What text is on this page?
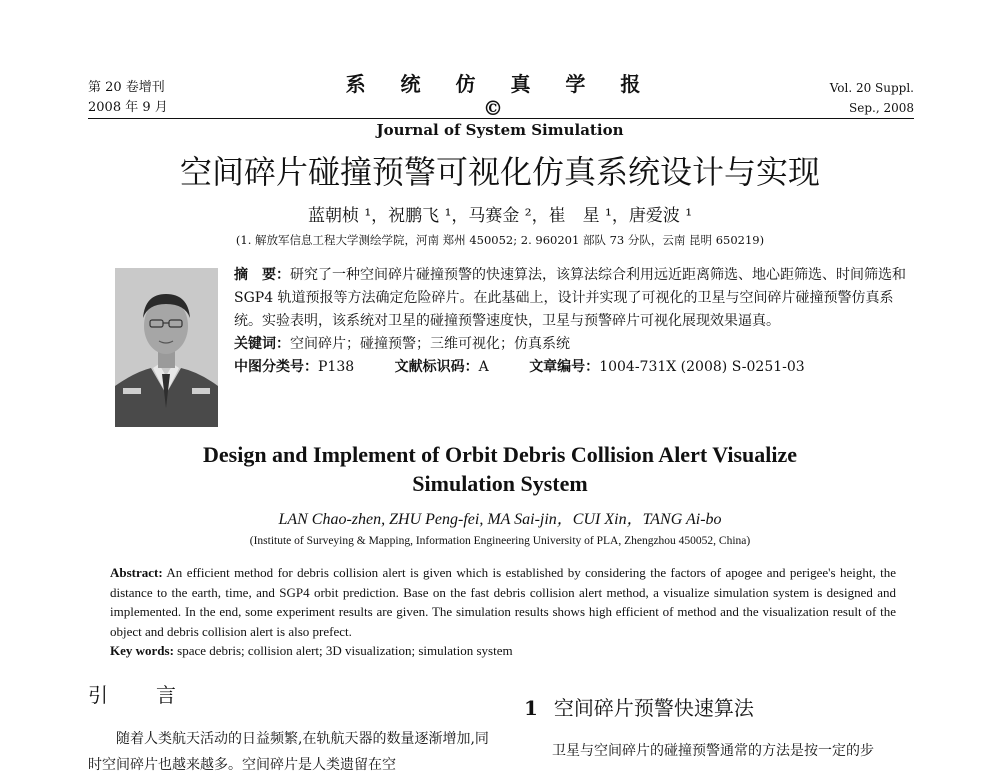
第 20 卷增刊
2008 年 9 月
系 统 仿 真 学 报©
Journal of System Simulation
Vol. 20 Suppl.
Sep., 2008
空间碎片碰撞预警可视化仿真系统设计与实现
蓝朝桢 ¹，祝鹏飞 ¹，马赛金 ²，崔　星 ¹，唐爱波 ¹
(1. 解放军信息工程大学测绘学院，河南 郑州 450052; 2. 960201 部队 73 分队，云南 昆明 650219)

摘　要：研究了一种空间碎片碰撞预警的快速算法，该算法综合利用远近距离筛选、地心距筛选、时间筛选和 SGP4 轨道预报等方法确定危险碎片。在此基础上，设计并实现了可视化的卫星与空间碎片碰撞预警仿真系统。实验表明，该系统对卫星的碰撞预警速度快，卫星与预警碎片可视化展现效果逼真。

关键词：空间碎片；碰撞预警；三维可视化；仿真系统

中图分类号：P138	文献标识码：A	文章编号：1004-731X (2008) S-0251-03

Design and Implement of Orbit Debris Collision Alert Visualize
Simulation System
LAN Chao-zhen, ZHU Peng-fei, MA Sai-jin，CUI Xin，TANG Ai-bo
(Institute of Surveying & Mapping, Information Engineering University of PLA, Zhengzhou 450052, China)

Abstract: An efficient method for debris collision alert is given which is established by considering the factors of apogee and perigee's height, the distance to the earth, time, and SGP4 orbit prediction. Base on the fast debris collision alert method, a visualize simulation system is designed and implemented. In the end, some experiment results are given. The simulation results shows high efficient of method and the visualization result of the object and debris collision alert is also prefect.

Key words: space debris; collision alert; 3D visualization; simulation system

引　言
随着人类航天活动的日益频繁,在轨航天器的数量逐渐增加,同时空间碎片也越来越多。空间碎片是人类遗留在空
1 空间碎片预警快速算法
卫星与空间碎片的碰撞预警通常的方法是按一定的步
